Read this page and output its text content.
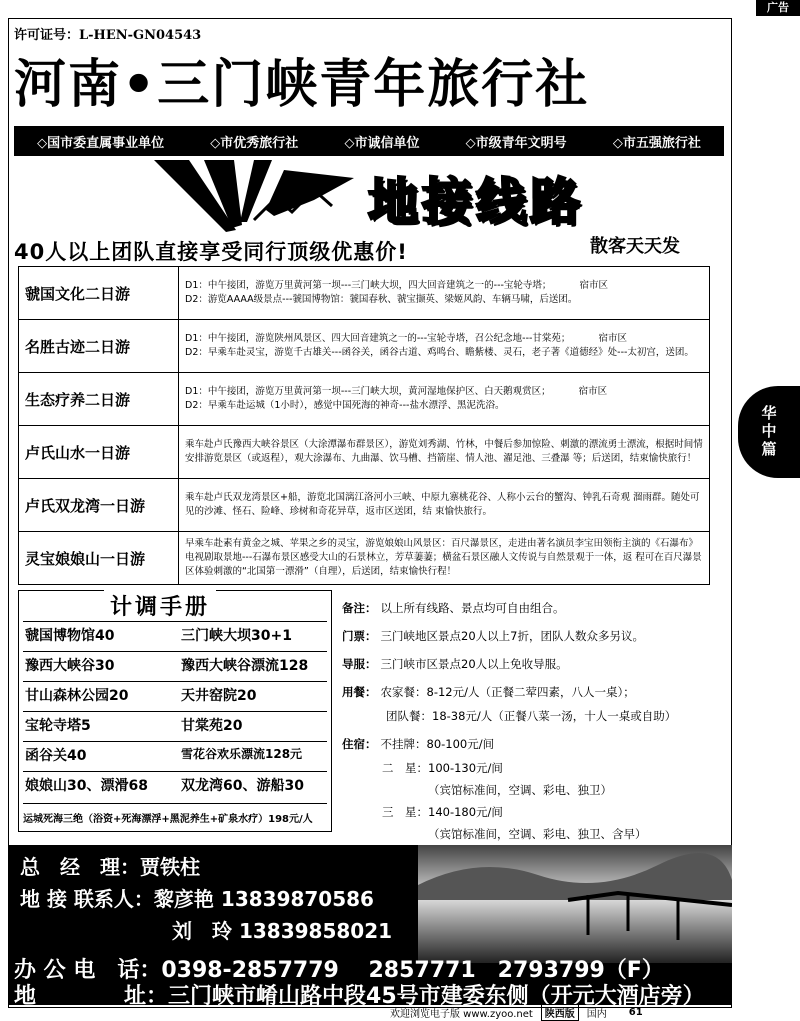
广告
许可证号：L-HEN-GN04543
河南•三门峡青年旅行社
◇国市委直属事业单位	◇市优秀旅行社	◇市诚信单位	◇市级青年文明号	◇市五强旅行社
地接线路
40人以上团队直接享受同行顶级优惠价!	散客天天发
虢国文化二日游	D1：中午接团，游览万里黄河第一坝---三门峡大坝，四大回音建筑之一的---宝轮寺塔； 宿市区
D2：游览AAAA级景点---虢国博物馆：虢国春秋、虢宝撷英、梁姬风韵、车辆马啸，后送团。

名胜古迹二日游	D1：中午接团，游览陕州风景区、四大回音建筑之一的---宝轮寺塔，召公纪念地---甘棠苑； 宿市区
D2：早乘车赴灵宝，游览千古雄关---函谷关，函谷古道、鸡鸣台、瞻紫楼、灵石，老子著《道德经》处---太初宫，送团。

生态疗养二日游	D1：中午接团，游览万里黄河第一坝---三门峡大坝，黄河湿地保护区、白天鹅观赏区； 宿市区
D2：早乘车赴运城（1小时），感觉中国死海的神奇---盐水漂浮、黑泥洗浴。

卢氏山水一日游	乘车赴卢氏豫西大峡谷景区（大涂潭瀑布群景区），游览刘秀湖、竹林，中餐后参加惊险、刺激的漂流勇士漂流，根据时间情安排游览景区（或返程），观大涂瀑布、九曲瀑、饮马槽、挡箭崖、情人池、濯足池、三叠瀑 等；后送团，结束愉快旅行！
卢氏双龙湾一日游	乘车赴卢氏双龙湾景区+船，游览北国漓江洛河小三峡、中原九寨桃花谷、人称小云台的蟹沟、钟乳石奇观 溜雨群。随处可见的沙滩、怪石、险峰、珍树和奇花异草，返市区送团，结 束愉快旅行。
灵宝娘娘山一日游	早乘车赴素有黄金之城、苹果之乡的灵宝，游览娘娘山风景区：百尺瀑景区，走进由著名演员李宝田领衔主演的《石瀑布》电视剧取景地---石瀑布景区感受大山的石景林立，芳草萋萋；横盆石景区融人文传说与自然景观于一体，返 程可在百尺瀑景区体验刺激的“北国第一漂滑”（自理），后送团，结束愉快行程！
华
中
篇
虢国博物馆40	三门峡大坝30+1
豫西大峡谷30	豫西大峡谷漂流128
甘山森林公园20	天井窑院20
宝轮寺塔5	甘棠苑20
函谷关40	雪花谷欢乐漂流128元
娘娘山30、漂滑68 双龙湾60、游船30
运城死海三绝（浴资+死海漂浮+黑泥养生+矿泉水疗）198元/人
计调手册	备注： 以上所有线路、景点均可自由组合。
门票： 三门峡地区景点20人以上7折，团队人数众多另议。
导服： 三门峡市区景点20人以上免收导服。
用餐： 农家餐：8-12元/人（正餐二荤四素，八人一桌）；
团队餐：18-38元/人（正餐八菜一汤，十人一桌或自助）
住宿： 不挂牌：80-100元/间
二　星：100-130元/间
（宾馆标准间，空调、彩电、独卫）
三　星：140-180元/间
（宾馆标准间，空调、彩电、独卫、含早）
总　经　理：贾铁柱
地 接 联系人：黎彦艳 13839870586
刘　玲 13839858021
办 公 电　话：0398-2857779　 2857771　2793799（F）
地　　　　址：三门峡市崤山路中段45号市建委东侧（开元大酒店旁）
欢迎浏览电子版 www.zyoo.net	陕西版	国内 61
